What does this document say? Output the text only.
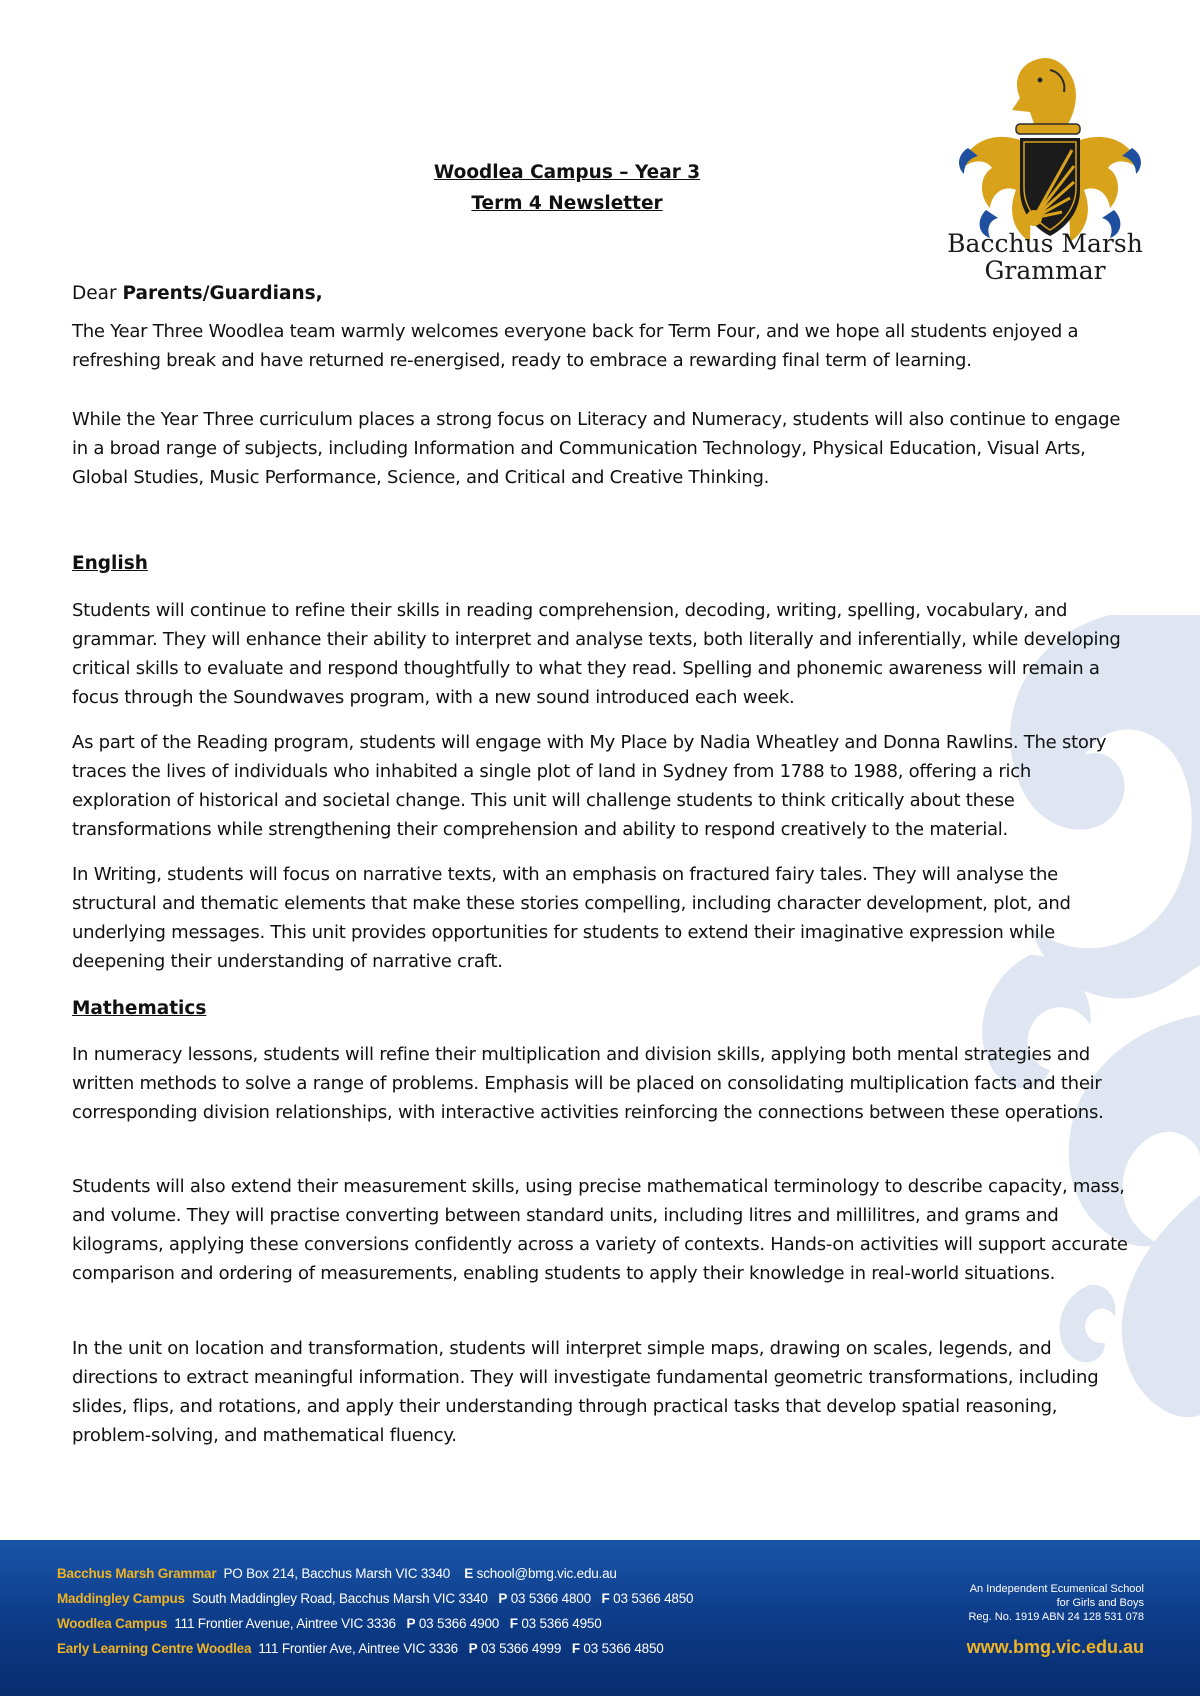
Bacchus Marsh
Grammar
Woodlea Campus – Year 3
Term 4 Newsletter
Dear Parents/Guardians,

The Year Three Woodlea team warmly welcomes everyone back for Term Four, and we hope all students enjoyed a refreshing break and have returned re-energised, ready to embrace a rewarding final term of learning.

While the Year Three curriculum places a strong focus on Literacy and Numeracy, students will also continue to engage in a broad range of subjects, including Information and Communication Technology, Physical Education, Visual Arts, Global Studies, Music Performance, Science, and Critical and Creative Thinking.

English

Students will continue to refine their skills in reading comprehension, decoding, writing, spelling, vocabulary, and grammar. They will enhance their ability to interpret and analyse texts, both literally and inferentially, while developing critical skills to evaluate and respond thoughtfully to what they read. Spelling and phonemic awareness will remain a focus through the Soundwaves program, with a new sound introduced each week.

As part of the Reading program, students will engage with My Place by Nadia Wheatley and Donna Rawlins. The story traces the lives of individuals who inhabited a single plot of land in Sydney from 1788 to 1988, offering a rich exploration of historical and societal change. This unit will challenge students to think critically about these transformations while strengthening their comprehension and ability to respond creatively to the material.

In Writing, students will focus on narrative texts, with an emphasis on fractured fairy tales. They will analyse the structural and thematic elements that make these stories compelling, including character development, plot, and underlying messages. This unit provides opportunities for students to extend their imaginative expression while deepening their understanding of narrative craft.

Mathematics

In numeracy lessons, students will refine their multiplication and division skills, applying both mental strategies and written methods to solve a range of problems. Emphasis will be placed on consolidating multiplication facts and their corresponding division relationships, with interactive activities reinforcing the connections between these operations.

Students will also extend their measurement skills, using precise mathematical terminology to describe capacity, mass, and volume. They will practise converting between standard units, including litres and millilitres, and grams and kilograms, applying these conversions confidently across a variety of contexts. Hands-on activities will support accurate comparison and ordering of measurements, enabling students to apply their knowledge in real-world situations.

In the unit on location and transformation, students will interpret simple maps, drawing on scales, legends, and directions to extract meaningful information. They will investigate fundamental geometric transformations, including slides, flips, and rotations, and apply their understanding through practical tasks that develop spatial reasoning, problem-solving, and mathematical fluency.

Bacchus Marsh Grammar PO Box 214, Bacchus Marsh VIC 3340 E school@bmg.vic.edu.au
Maddingley Campus South Maddingley Road, Bacchus Marsh VIC 3340 P 03 5366 4800 F 03 5366 4850
Woodlea Campus 111 Frontier Avenue, Aintree VIC 3336 P 03 5366 4900 F 03 5366 4950
Early Learning Centre Woodlea 111 Frontier Ave, Aintree VIC 3336 P 03 5366 4999 F 03 5366 4850
An Independent Ecumenical School
for Girls and Boys
Reg. No. 1919 ABN 24 128 531 078
www.bmg.vic.edu.au
